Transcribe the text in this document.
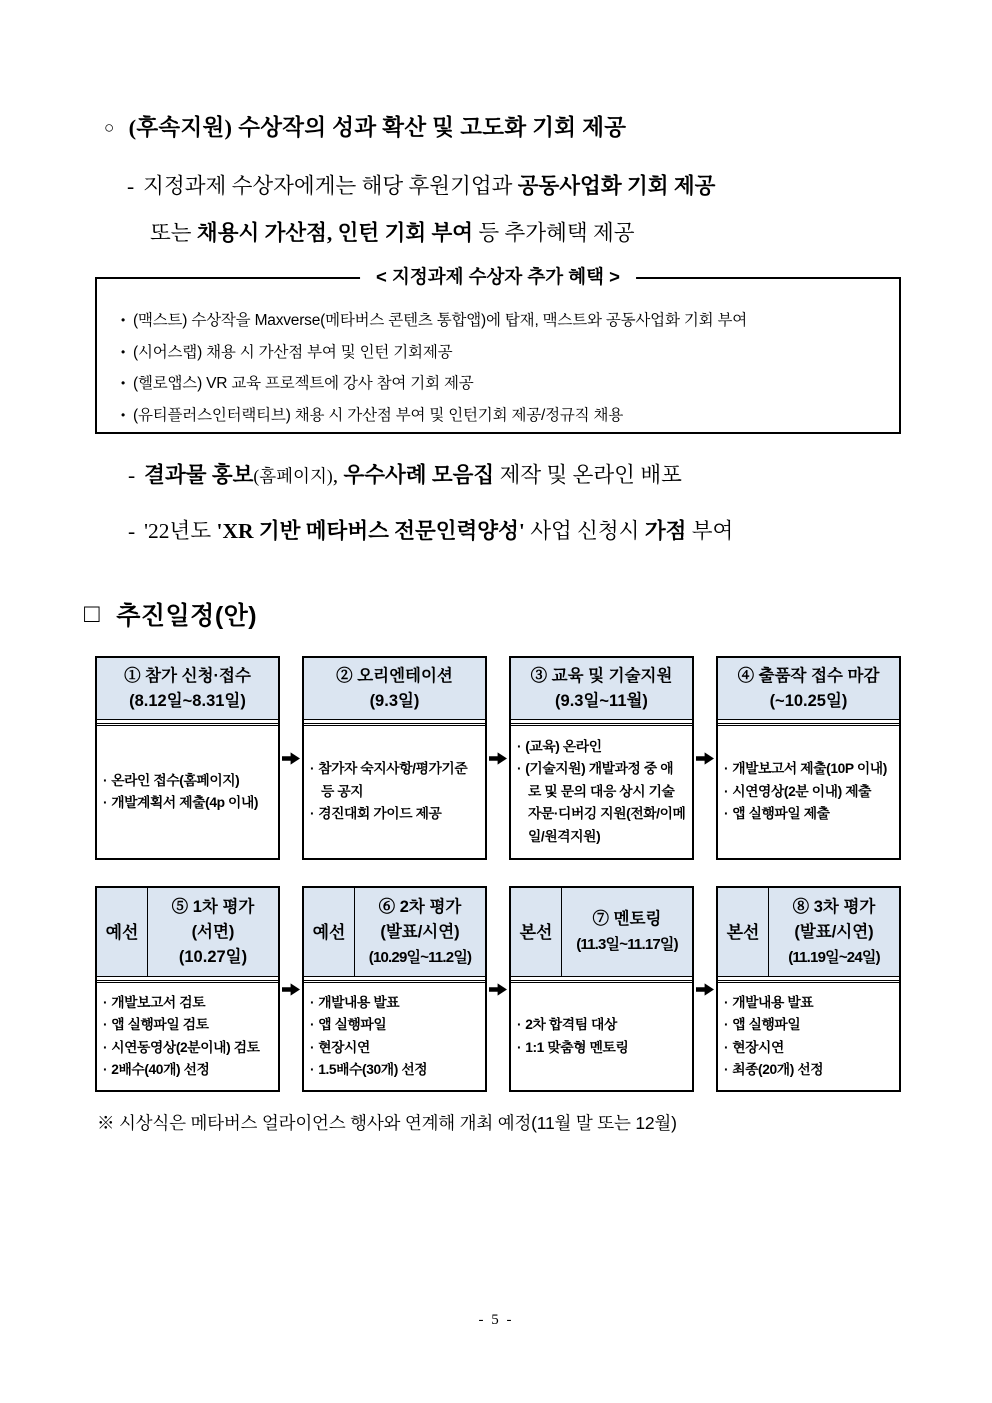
○ (후속지원) 수상작의 성과 확산 및 고도화 기회 제공
- 지정과제 수상자에게는 해당 후원기업과 공동사업화 기회 제공
또는 채용시 가산점, 인턴 기회 부여 등 추가혜택 제공
< 지정과제 수상자 추가 혜택 >
• (맥스트) 수상작을 Maxverse(메타버스 콘텐츠 통합앱)에 탑재, 맥스트와 공동사업화 기회 부여
• (시어스랩) 채용 시 가산점 부여 및 인턴 기회제공
• (헬로앱스) VR 교육 프로젝트에 강사 참여 기회 제공
• (유티플러스인터랙티브) 채용 시 가산점 부여 및 인턴기회 제공/정규직 채용
- 결과물 홍보(홈페이지), 우수사례 모음집 제작 및 온라인 배포
- '22년도 'XR 기반 메타버스 전문인력양성' 사업 신청시 가점 부여
□ 추진일정(안)
① 참가 신청·접수
(8.12일~8.31일)
· 온라인 접수(홈페이지)
· 개발계획서 제출(4p 이내)
② 오리엔테이션
(9.3일)
· 참가자 숙지사항/평가기준 등 공지
· 경진대회 가이드 제공
③ 교육 및 기술지원
(9.3일~11월)
· (교육) 온라인
· (기술지원) 개발과정 중 애로 및 문의 대응 상시 기술자문·디버깅 지원(전화/이메일/원격지원)
④ 출품작 접수 마감
(~10.25일)
· 개발보고서 제출(10P 이내)
· 시연영상(2분 이내) 제출
· 앱 실행파일 제출
예선
⑤ 1차 평가
(서면)
(10.27일)
· 개발보고서 검토
· 앱 실행파일 검토
· 시연동영상(2분이내) 검토
· 2배수(40개) 선정
예선
⑥ 2차 평가
(발표/시연)
(10.29일~11.2일)
· 개발내용 발표
· 앱 실행파일
· 현장시연
· 1.5배수(30개) 선정
본선
⑦ 멘토링
(11.3일~11.17일)
· 2차 합격팀 대상
· 1:1 맞춤형 멘토링
본선
⑧ 3차 평가
(발표/시연)
(11.19일~24일)
· 개발내용 발표
· 앱 실행파일
· 현장시연
· 최종(20개) 선정
※ 시상식은 메타버스 얼라이언스 행사와 연계해 개최 예정(11월 말 또는 12월)
- 5 -
